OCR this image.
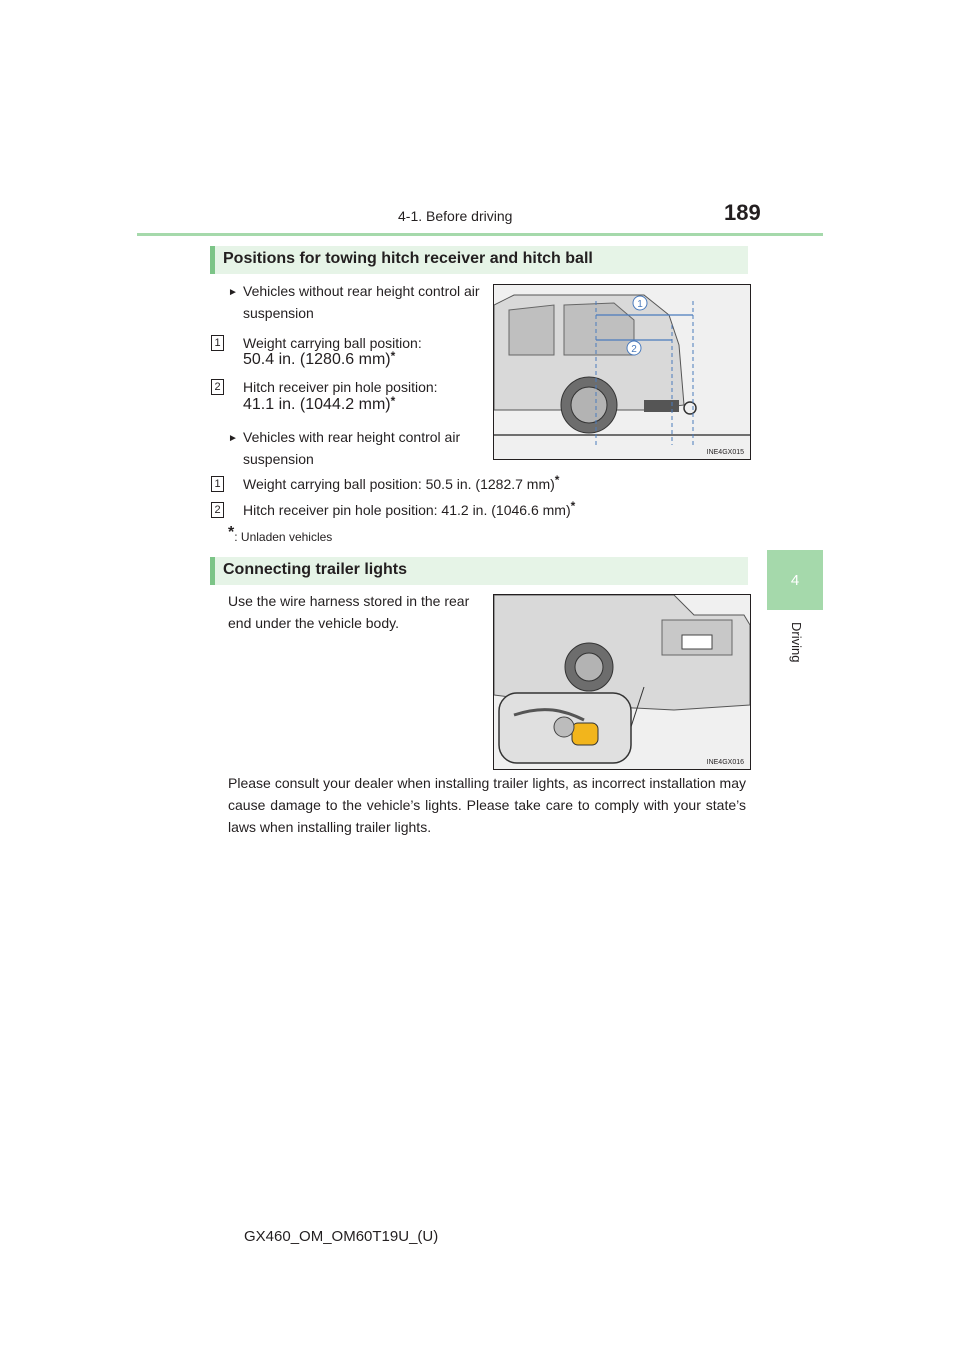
4-1. Before driving	189
4
Driving
Positions for towing hitch receiver and hitch ball
► Vehicles without rear height control air suspension
1 Weight carrying ball position:
50.4 in. (1280.6 mm)*
2 Hitch receiver pin hole position:
41.1 in. (1044.2 mm)*
► Vehicles with rear height control air suspension
1 Weight carrying ball position: 50.5 in. (1282.7 mm)*
2 Hitch receiver pin hole position: 41.2 in. (1046.6 mm)*
*: Unladen vehicles
1
2
INE4GX015
Connecting trailer lights
Use the wire harness stored in the rear end under the vehicle body.
INE4GX016
Please consult your dealer when installing trailer lights, as incorrect installation may cause damage to the vehicle’s lights. Please take care to comply with your state’s laws when installing trailer lights.
GX460_OM_OM60T19U_(U)
